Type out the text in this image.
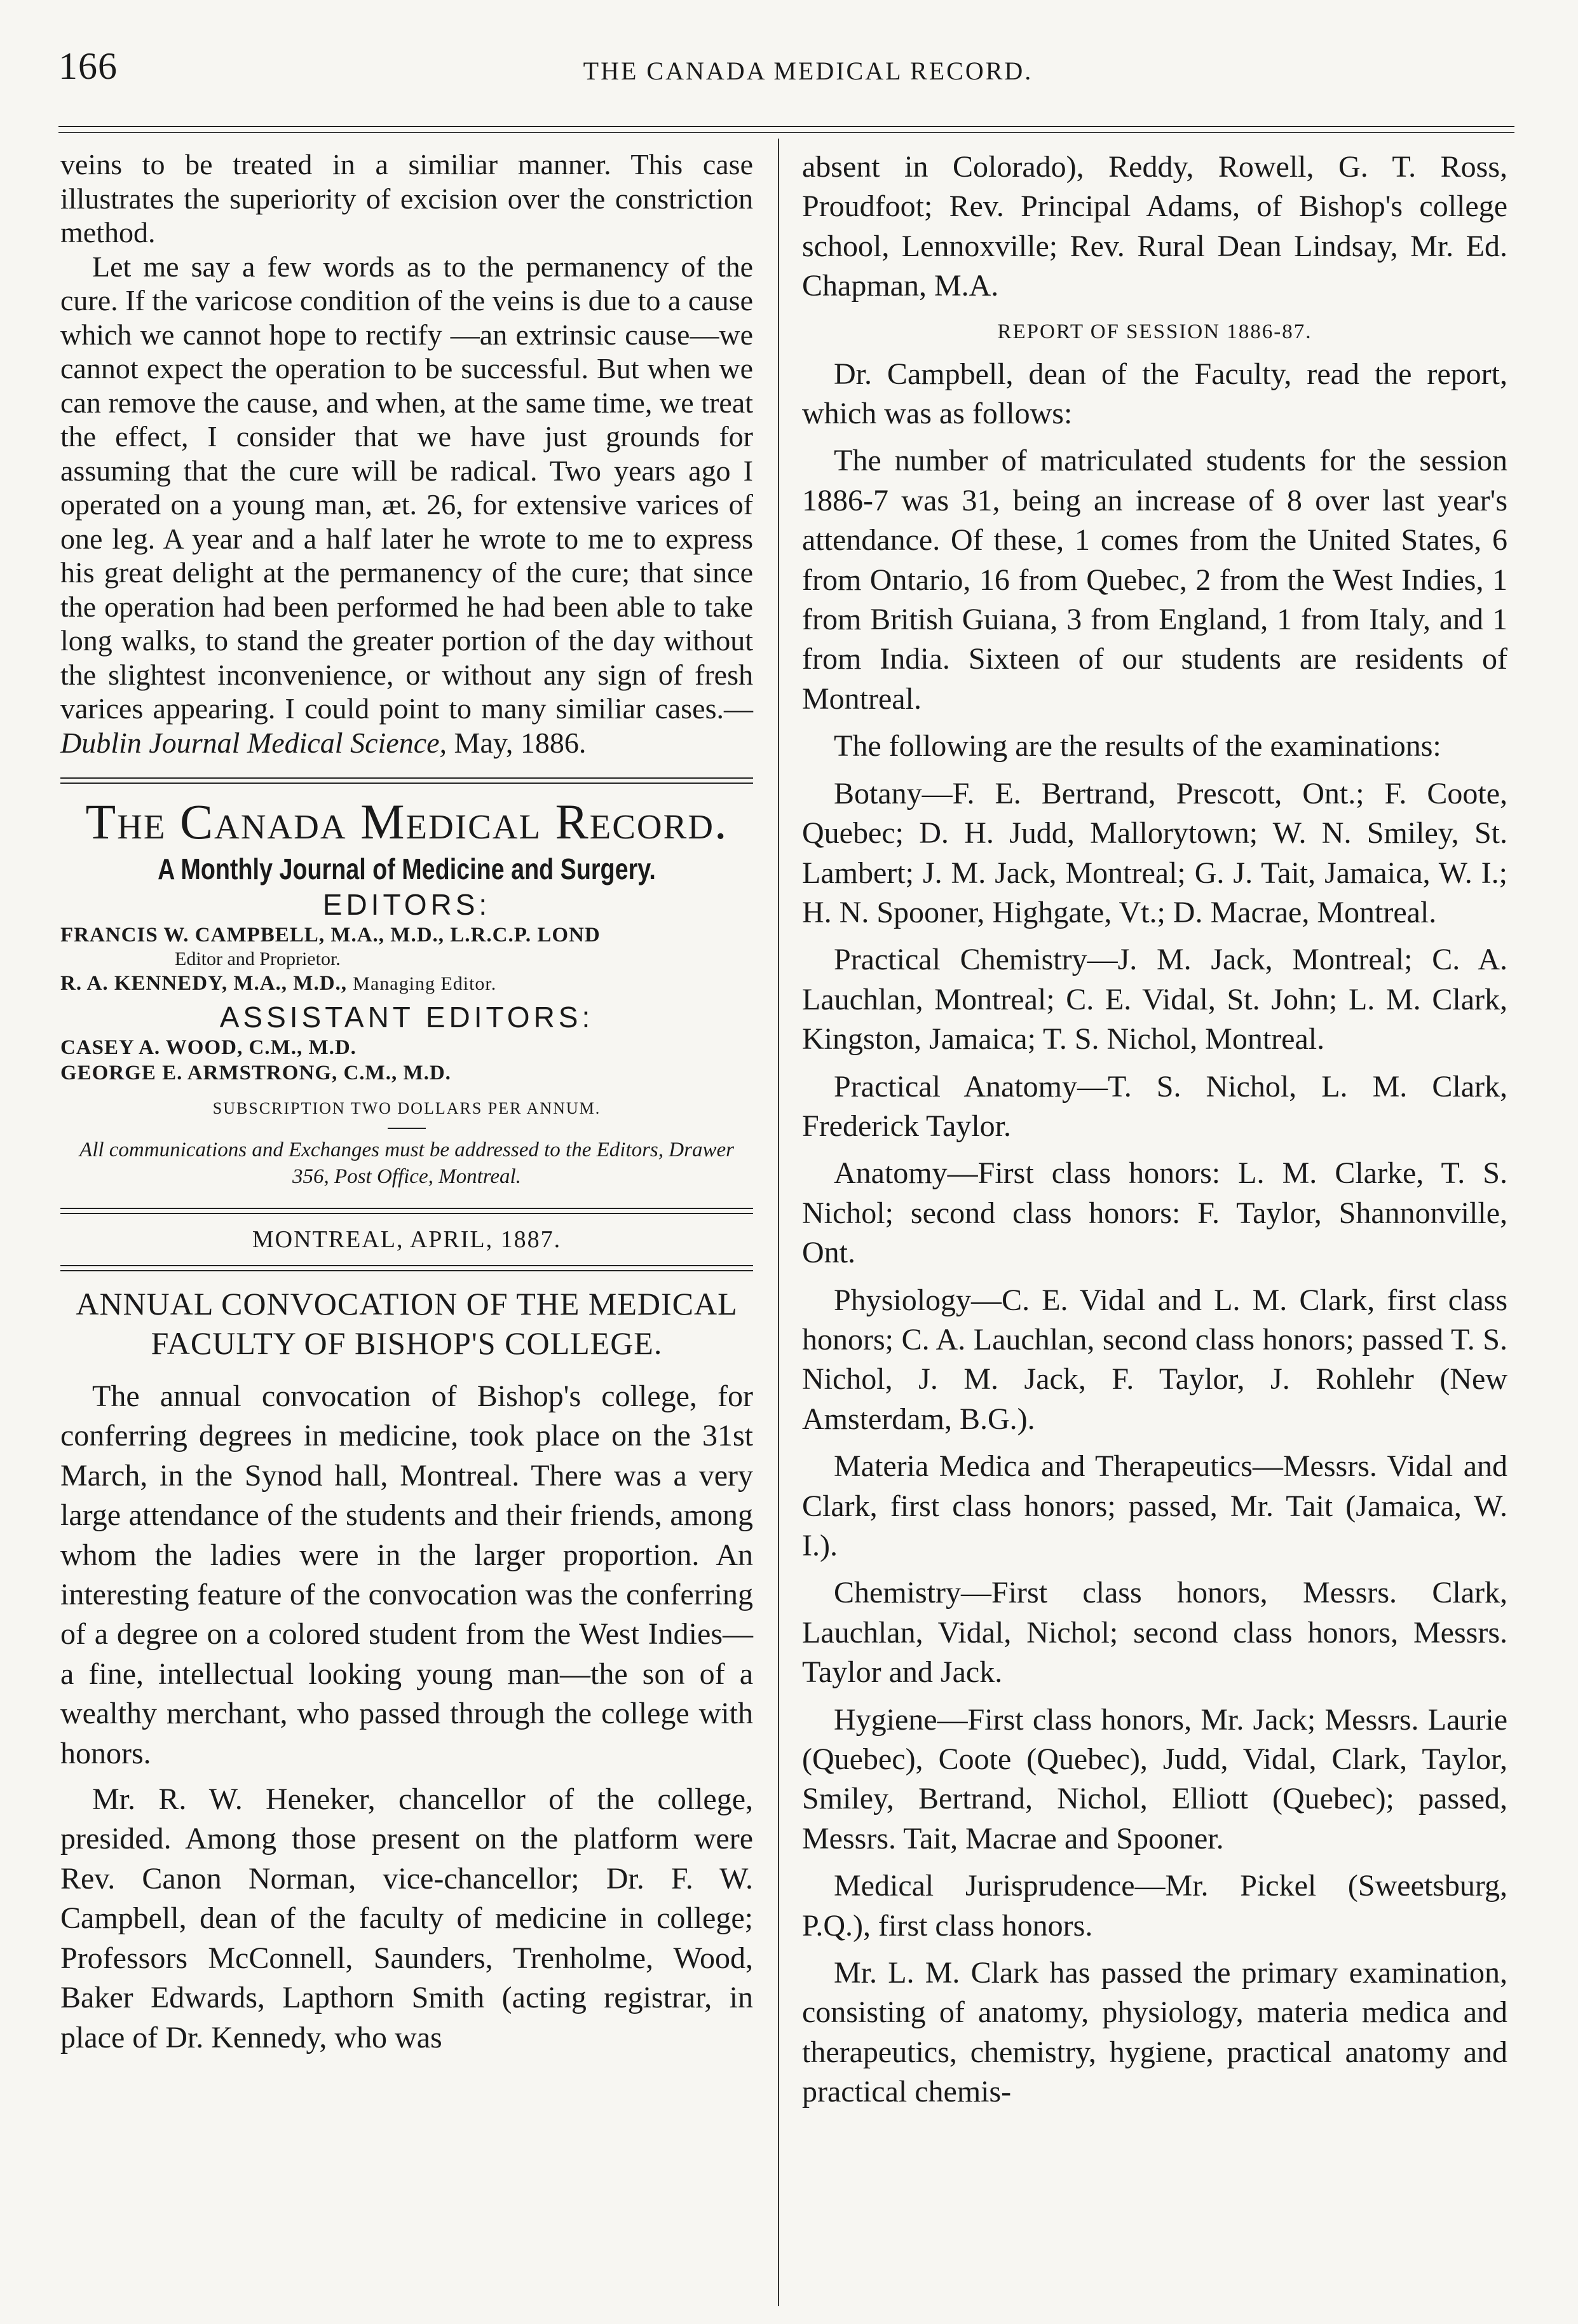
166	THE CANADA MEDICAL RECORD.

veins to be treated in a similiar manner. This case illustrates the superiority of excision over the constriction method.

Let me say a few words as to the permanency of the cure. If the varicose condition of the veins is due to a cause which we cannot hope to rectify —an extrinsic cause—we cannot expect the operation to be successful. But when we can remove the cause, and when, at the same time, we treat the effect, I consider that we have just grounds for assuming that the cure will be radical. Two years ago I operated on a young man, æt. 26, for extensive varices of one leg. A year and a half later he wrote to me to express his great delight at the permanency of the cure; that since the operation had been performed he had been able to take long walks, to stand the greater portion of the day without the slightest inconvenience, or without any sign of fresh varices appearing. I could point to many similiar cases.—Dublin Journal Medical Science, May, 1886.

The Canada Medical Record.
A Monthly Journal of Medicine and Surgery.
EDITORS:
FRANCIS W. CAMPBELL, M.A., M.D., L.R.C.P. LOND
Editor and Proprietor.
R. A. KENNEDY, M.A., M.D., Managing Editor.
ASSISTANT EDITORS:
CASEY A. WOOD, C.M., M.D.
GEORGE E. ARMSTRONG, C.M., M.D.
SUBSCRIPTION TWO DOLLARS PER ANNUM.
All communications and Exchanges must be addressed to the Editors, Drawer 356, Post Office, Montreal.
MONTREAL, APRIL, 1887.
ANNUAL CONVOCATION OF THE MEDICAL FACULTY OF BISHOP'S COLLEGE.

The annual convocation of Bishop's college, for conferring degrees in medicine, took place on the 31st March, in the Synod hall, Montreal. There was a very large attendance of the students and their friends, among whom the ladies were in the larger proportion. An interesting feature of the convocation was the conferring of a degree on a colored student from the West Indies—a fine, intellectual looking young man—the son of a wealthy merchant, who passed through the college with honors.

Mr. R. W. Heneker, chancellor of the college, presided. Among those present on the platform were Rev. Canon Norman, vice-chancellor; Dr. F. W. Campbell, dean of the faculty of medicine in college; Professors McConnell, Saunders, Trenholme, Wood, Baker Edwards, Lapthorn Smith (acting registrar, in place of Dr. Kennedy, who was

absent in Colorado), Reddy, Rowell, G. T. Ross, Proudfoot; Rev. Principal Adams, of Bishop's college school, Lennoxville; Rev. Rural Dean Lindsay, Mr. Ed. Chapman, M.A.

REPORT OF SESSION 1886-87.

Dr. Campbell, dean of the Faculty, read the report, which was as follows:

The number of matriculated students for the session 1886-7 was 31, being an increase of 8 over last year's attendance. Of these, 1 comes from the United States, 6 from Ontario, 16 from Quebec, 2 from the West Indies, 1 from British Guiana, 3 from England, 1 from Italy, and 1 from India. Sixteen of our students are residents of Montreal.

The following are the results of the examinations:

Botany—F. E. Bertrand, Prescott, Ont.; F. Coote, Quebec; D. H. Judd, Mallorytown; W. N. Smiley, St. Lambert; J. M. Jack, Montreal; G. J. Tait, Jamaica, W. I.; H. N. Spooner, Highgate, Vt.; D. Macrae, Montreal.

Practical Chemistry—J. M. Jack, Montreal; C. A. Lauchlan, Montreal; C. E. Vidal, St. John; L. M. Clark, Kingston, Jamaica; T. S. Nichol, Montreal.

Practical Anatomy—T. S. Nichol, L. M. Clark, Frederick Taylor.

Anatomy—First class honors: L. M. Clarke, T. S. Nichol; second class honors: F. Taylor, Shannonville, Ont.

Physiology—C. E. Vidal and L. M. Clark, first class honors; C. A. Lauchlan, second class honors; passed T. S. Nichol, J. M. Jack, F. Taylor, J. Rohlehr (New Amsterdam, B.G.).

Materia Medica and Therapeutics—Messrs. Vidal and Clark, first class honors; passed, Mr. Tait (Jamaica, W. I.).

Chemistry—First class honors, Messrs. Clark, Lauchlan, Vidal, Nichol; second class honors, Messrs. Taylor and Jack.

Hygiene—First class honors, Mr. Jack; Messrs. Laurie (Quebec), Coote (Quebec), Judd, Vidal, Clark, Taylor, Smiley, Bertrand, Nichol, Elliott (Quebec); passed, Messrs. Tait, Macrae and Spooner.

Medical Jurisprudence—Mr. Pickel (Sweetsburg, P.Q.), first class honors.

Mr. L. M. Clark has passed the primary examination, consisting of anatomy, physiology, materia medica and therapeutics, chemistry, hygiene, practical anatomy and practical chemis-
